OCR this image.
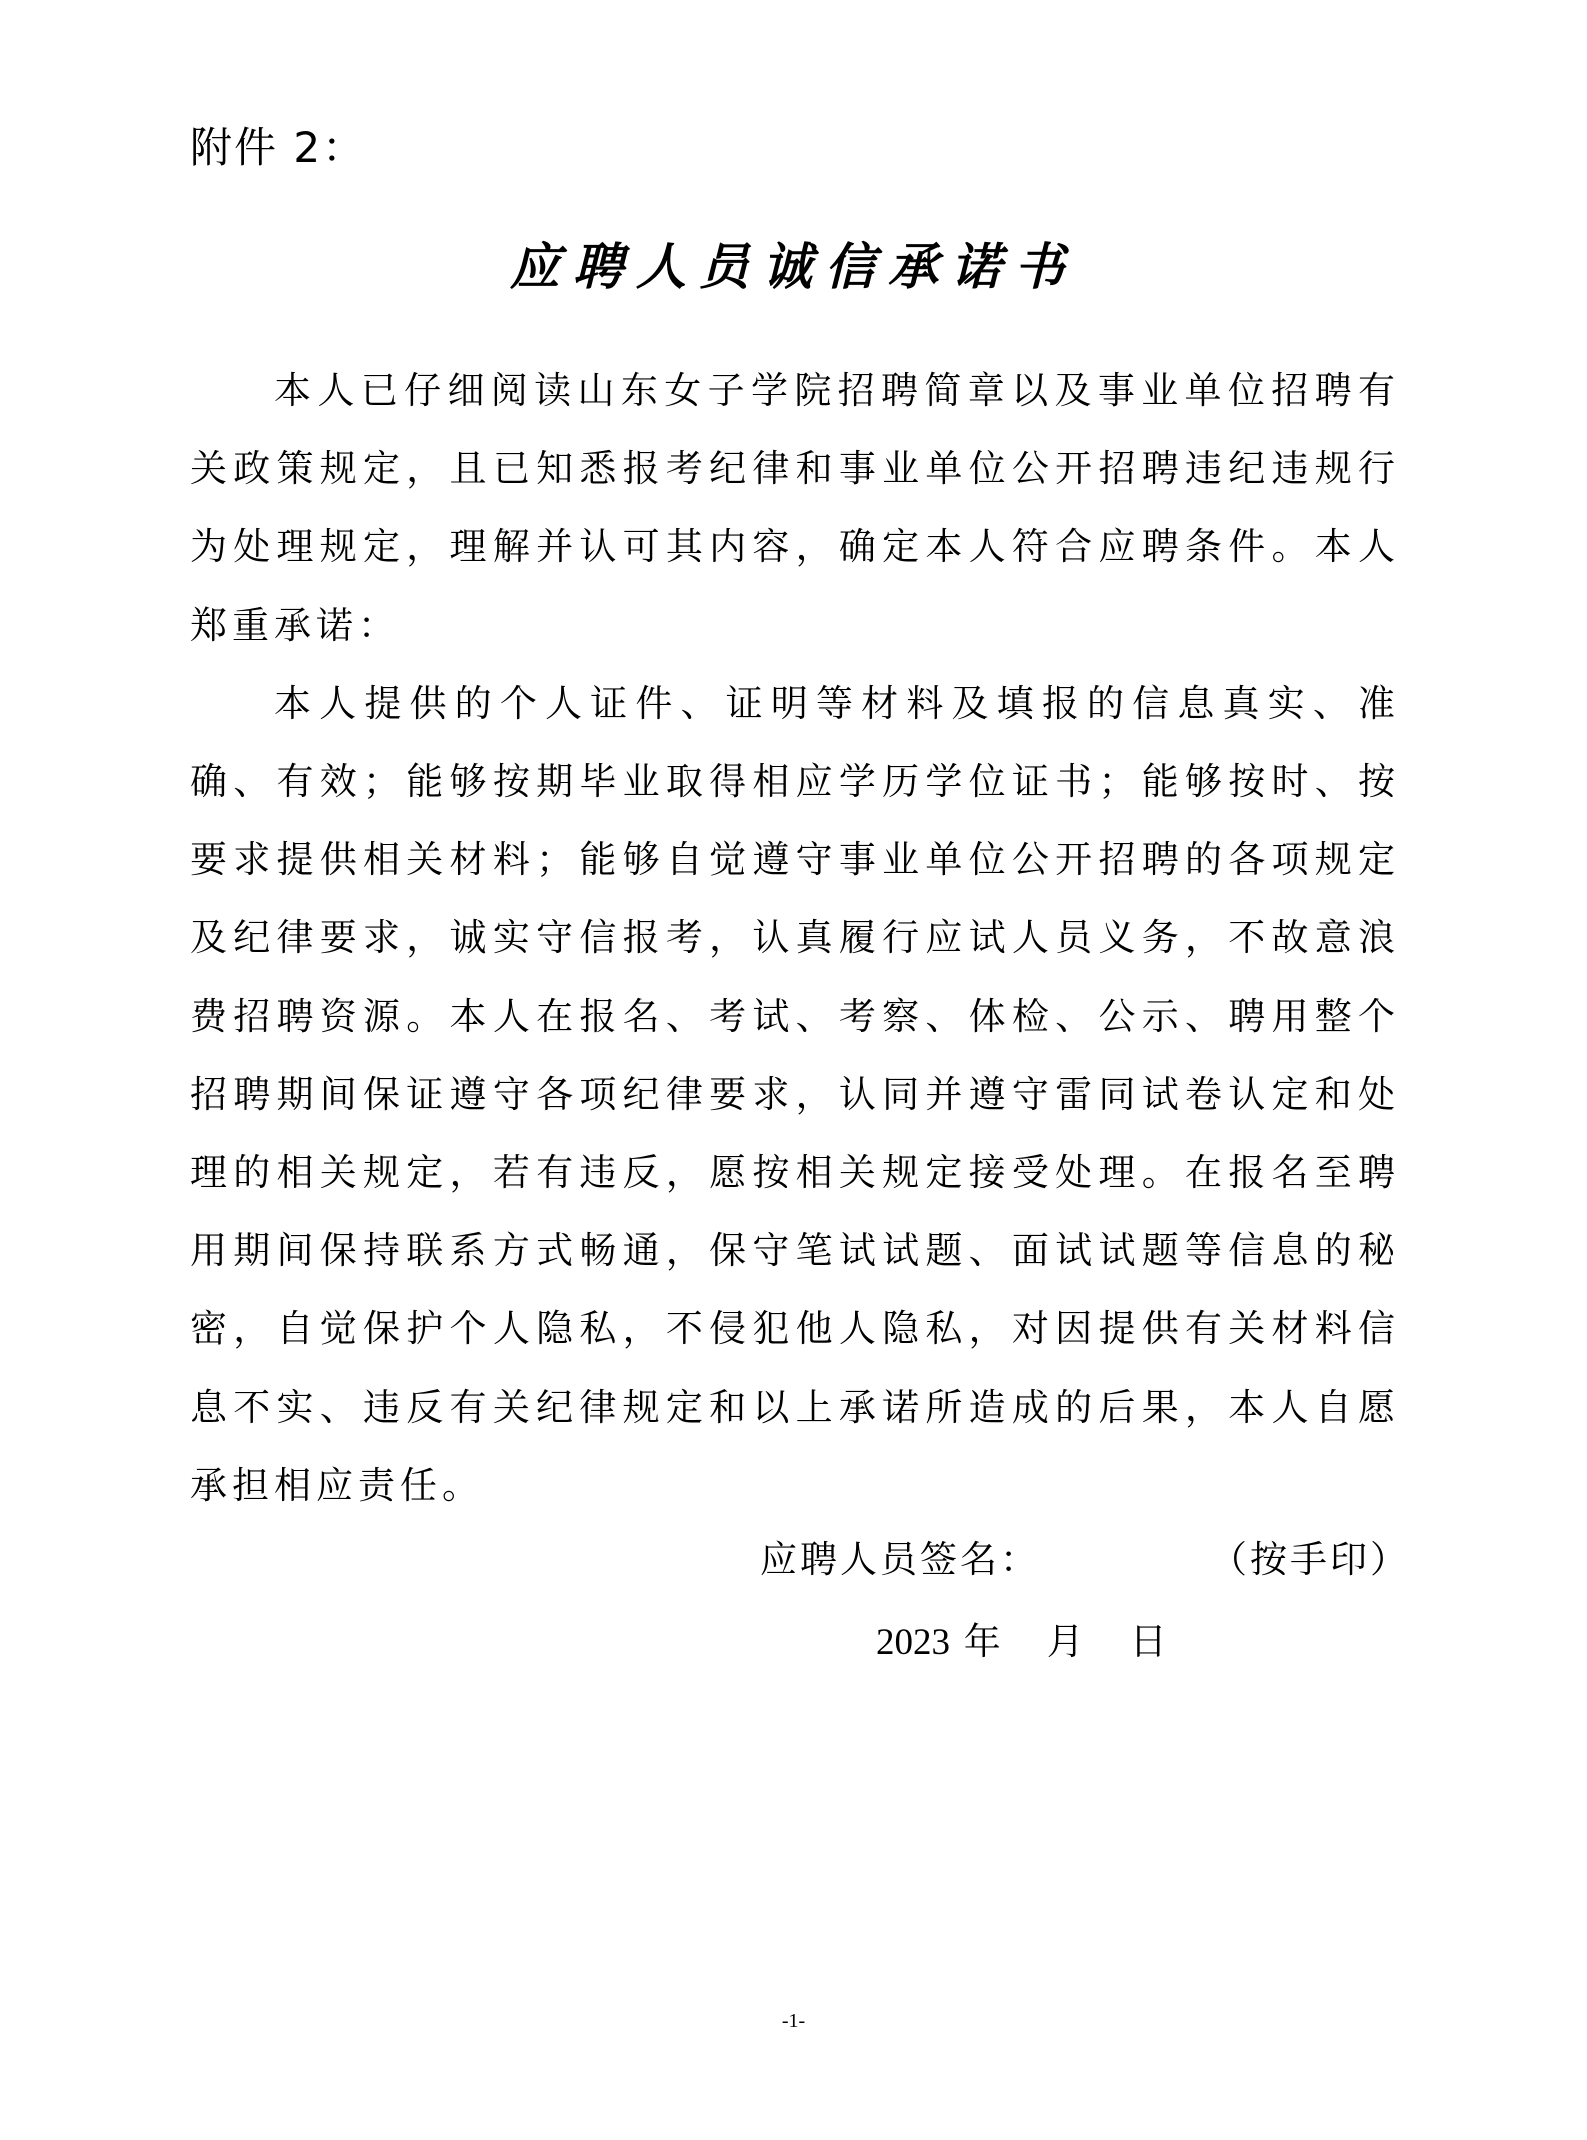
附件 2：
应聘人员诚信承诺书

本人已仔细阅读山东女子学院招聘简章以及事业单位招聘有关政策规定，且已知悉报考纪律和事业单位公开招聘违纪违规行为处理规定，理解并认可其内容，确定本人符合应聘条件。本人郑重承诺：

本人提供的个人证件、证明等材料及填报的信息真实、准确、有效；能够按期毕业取得相应学历学位证书；能够按时、按要求提供相关材料；能够自觉遵守事业单位公开招聘的各项规定及纪律要求，诚实守信报考，认真履行应试人员义务，不故意浪费招聘资源。本人在报名、考试、考察、体检、公示、聘用整个招聘期间保证遵守各项纪律要求，认同并遵守雷同试卷认定和处理的相关规定，若有违反，愿按相关规定接受处理。在报名至聘用期间保持联系方式畅通，保守笔试试题、面试试题等信息的秘密，自觉保护个人隐私，不侵犯他人隐私，对因提供有关材料信息不实、违反有关纪律规定和以上承诺所造成的后果，本人自愿承担相应责任。

应聘人员签名：	（按手印）
2023 年 月 日
-1-
